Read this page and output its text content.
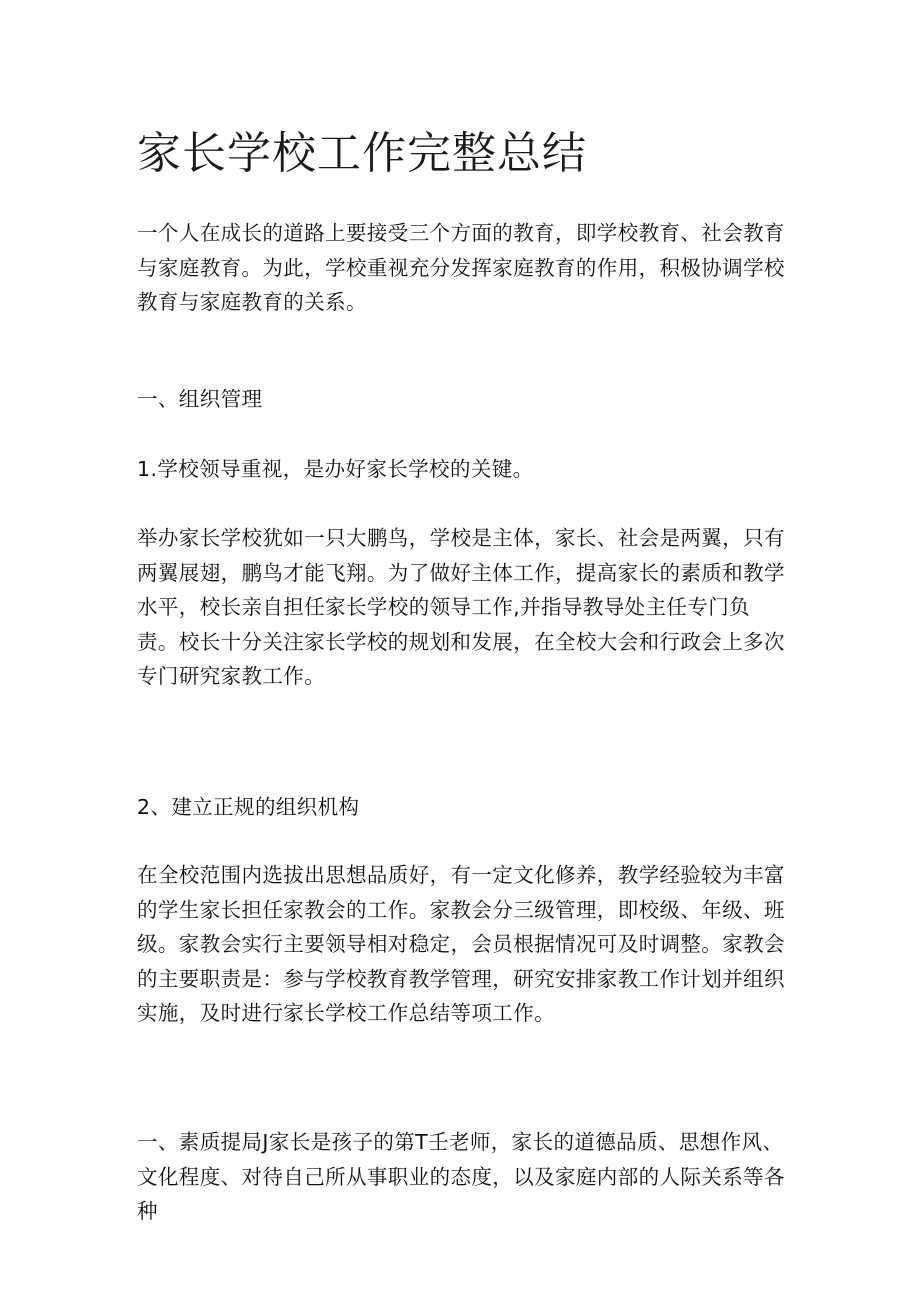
家长学校工作完整总结

一个人在成长的道路上要接受三个方面的教育，即学校教育、社会教育与家庭教育。为此，学校重视充分发挥家庭教育的作用，积极协调学校教育与家庭教育的关系。

一、组织管理

1.学校领导重视，是办好家长学校的关键。

举办家长学校犹如一只大鹏鸟，学校是主体，家长、社会是两翼，只有两翼展翅，鹏鸟才能飞翔。为了做好主体工作，提高家长的素质和教学水平，校长亲自担任家长学校的领导工作,并指导教导处主任专门负责。校长十分关注家长学校的规划和发展，在全校大会和行政会上多次专门研究家教工作。

2、建立正规的组织机构

在全校范围内选拔出思想品质好，有一定文化修养，教学经验较为丰富的学生家长担任家教会的工作。家教会分三级管理，即校级、年级、班级。家教会实行主要领导相对稳定，会员根据情况可及时调整。家教会的主要职责是：参与学校教育教学管理，研究安排家教工作计划并组织实施，及时进行家长学校工作总结等项工作。

一、素质提局J家长是孩子的第T壬老师，家长的道德品质、思想作风、文化程度、对待自己所从事职业的态度，以及家庭内部的人际关系等各种
